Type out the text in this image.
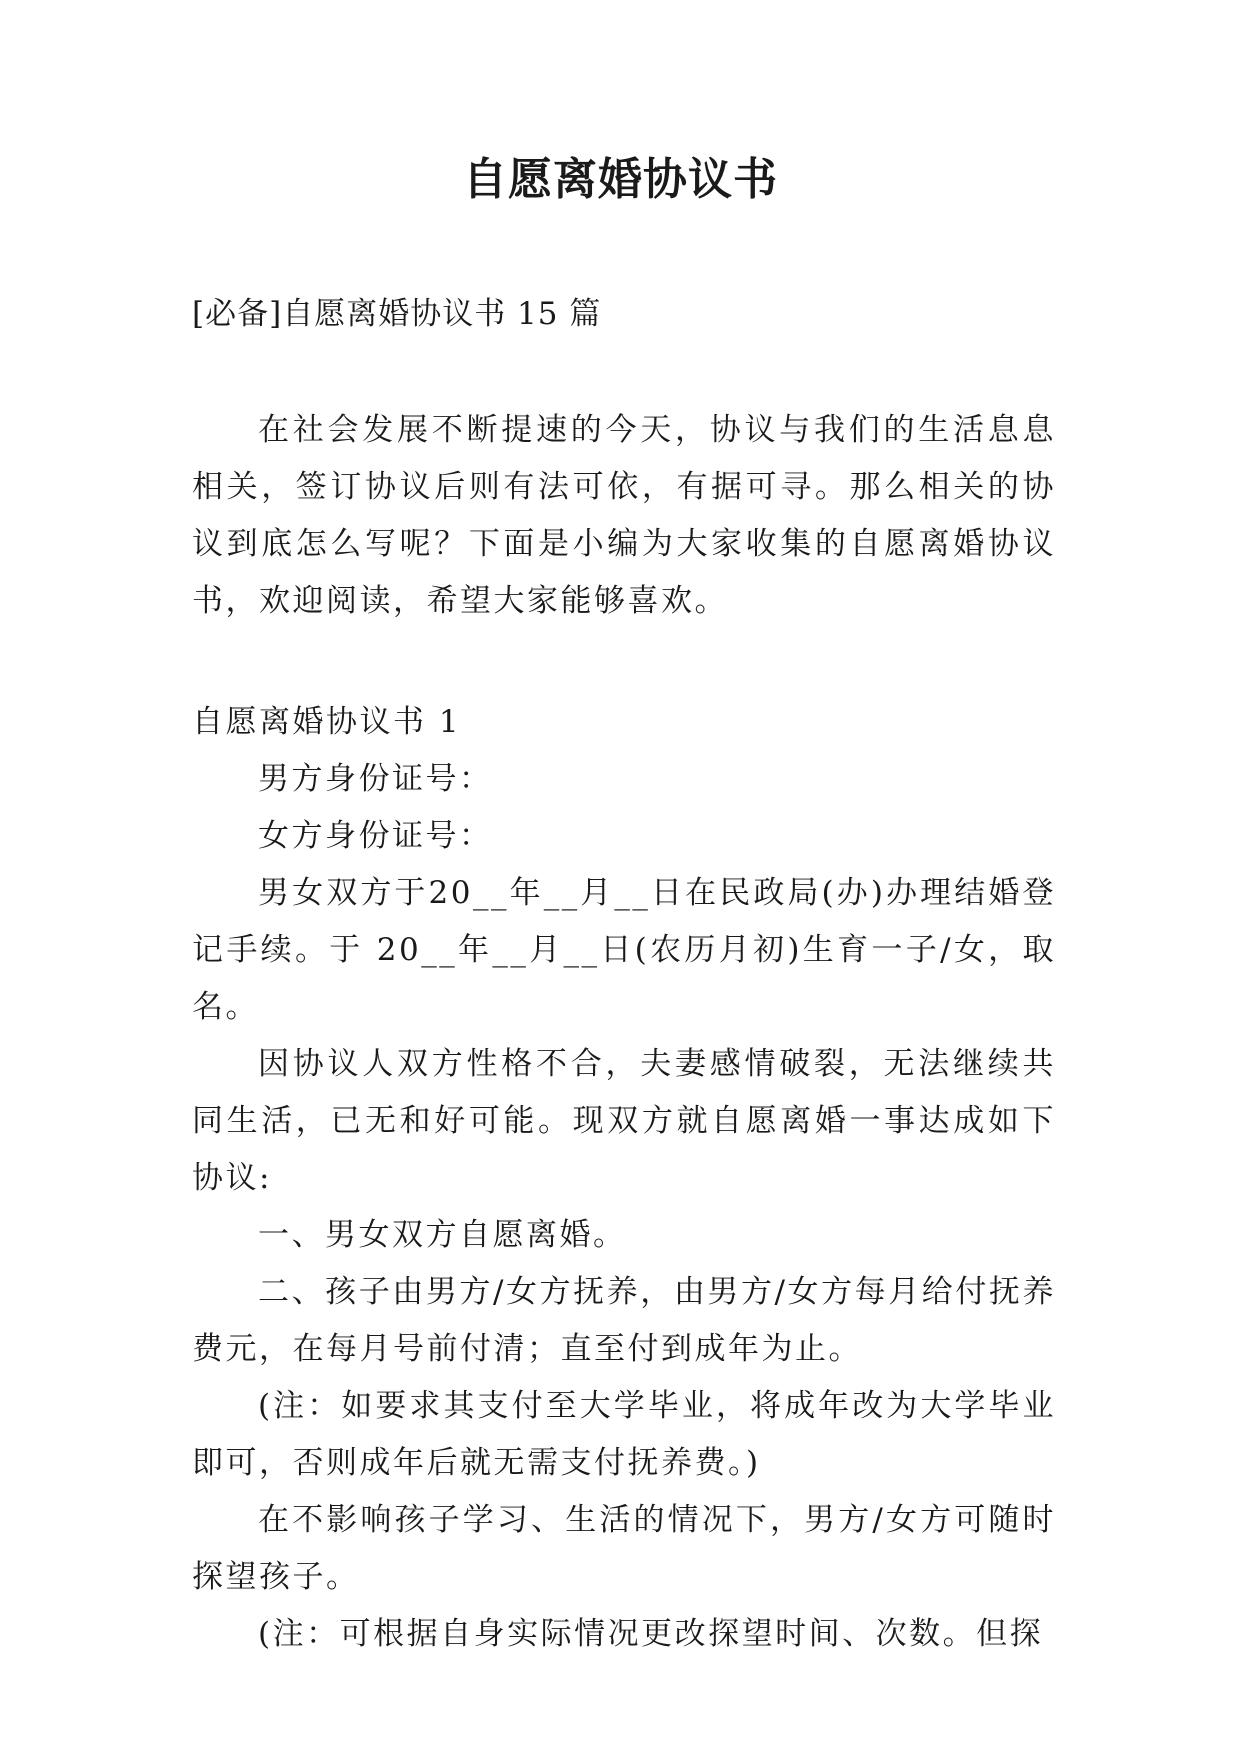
自愿离婚协议书
[必备]自愿离婚协议书 15 篇

在社会发展不断提速的今天，协议与我们的生活息息相关，签订协议后则有法可依，有据可寻。那么相关的协议到底怎么写呢？下面是小编为大家收集的自愿离婚协议书，欢迎阅读，希望大家能够喜欢。

自愿离婚协议书 1

男方身份证号：

女方身份证号：

男女双方于20__年__月__日在民政局(办)办理结婚登记手续。于 20__年__月__日(农历月初)生育一子/女，取名。

因协议人双方性格不合，夫妻感情破裂，无法继续共同生活，已无和好可能。现双方就自愿离婚一事达成如下协议:

一、男女双方自愿离婚。

二、孩子由男方/女方抚养，由男方/女方每月给付抚养费元，在每月号前付清；直至付到成年为止。

(注：如要求其支付至大学毕业，将成年改为大学毕业即可，否则成年后就无需支付抚养费。)

在不影响孩子学习、生活的情况下，男方/女方可随时探望孩子。

(注：可根据自身实际情况更改探望时间、次数。但探
